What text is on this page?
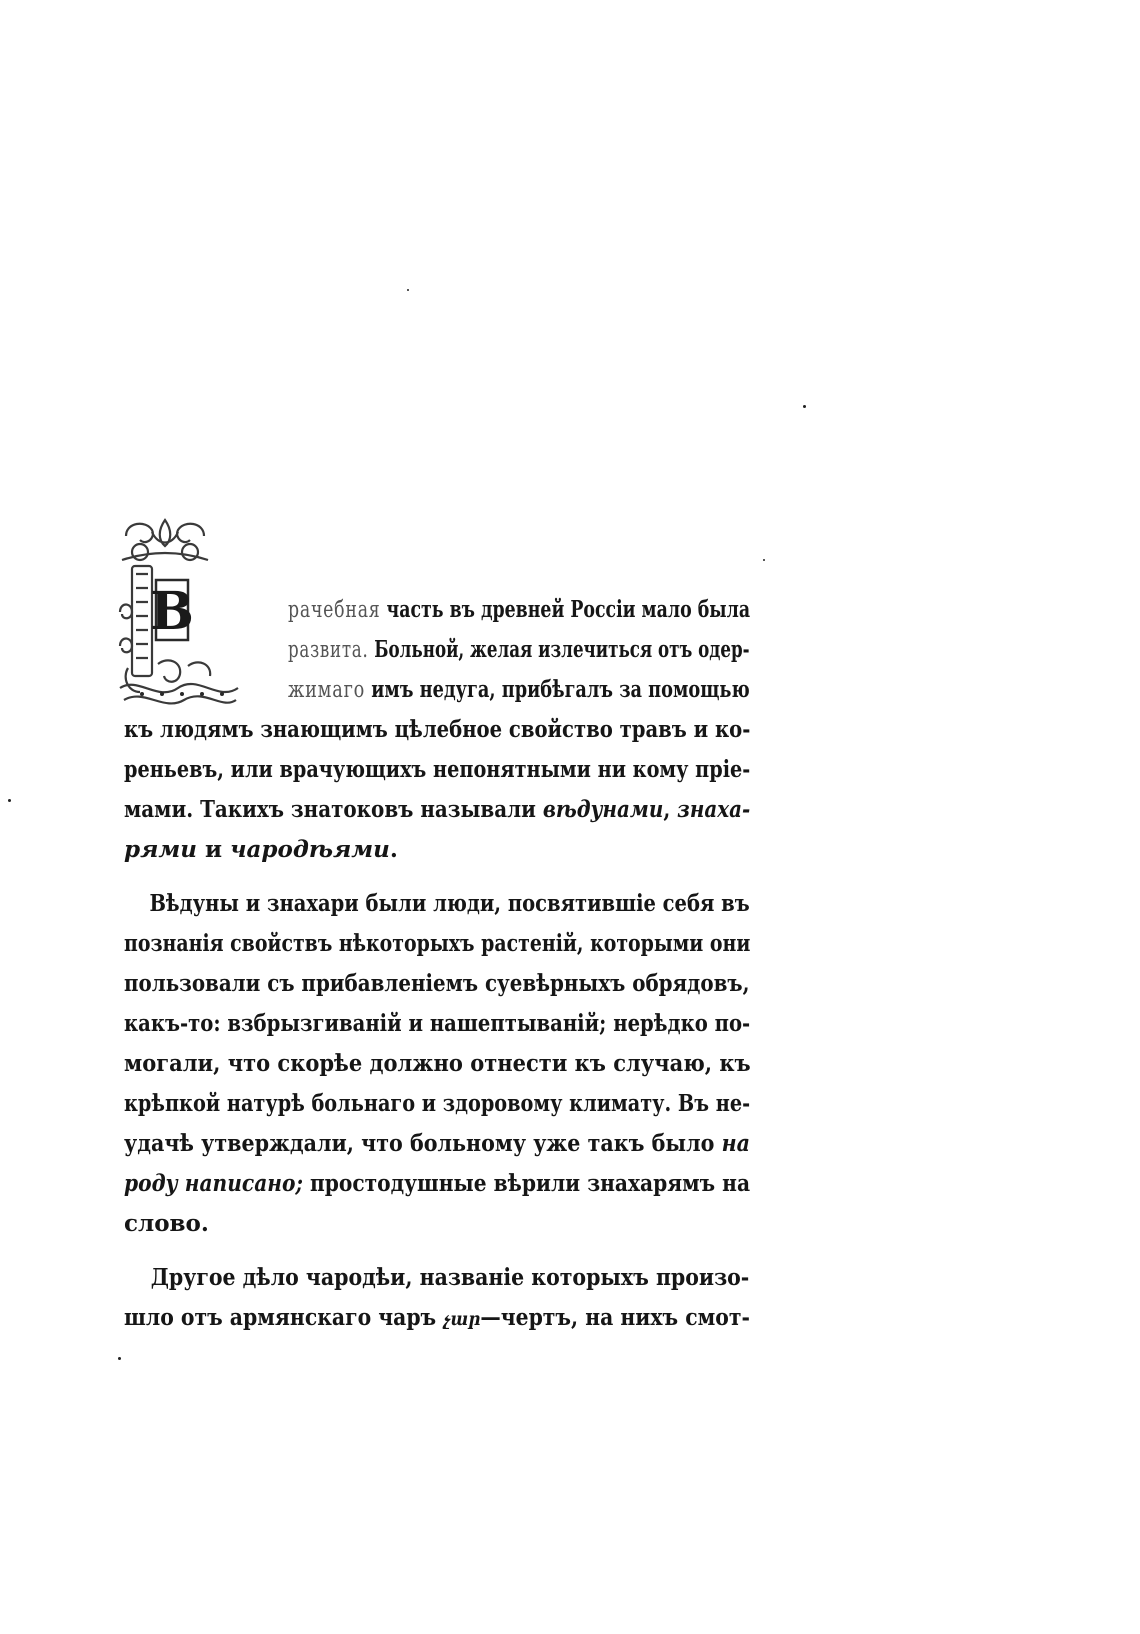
В	рачебная часть въ древней Россіи мало была
развита. Больной, желая излечиться отъ одер-
жимаго имъ недуга, прибѣгалъ за помощью
къ людямъ знающимъ цѣлебное свойство травъ и ко-
реньевъ, или врачующихъ непонятными ни кому прiе-
мами. Такихъ знатоковъ называли вѣдунами, знаха-
рями и чародѣями.
Вѣдуны и знахари были люди, посвятившіе себя въ
познанія свойствъ нѣкоторыхъ растеній, которыми они
пользовали съ прибавленіемъ суевѣрныхъ обрядовъ,
какъ-то: взбрызгиваній и нашептываній; нерѣдко по-
могали, что скорѣе должно отнести къ случаю, къ
крѣпкой натурѣ больнаго и здоровому климату. Въ не-
удачѣ утверждали, что больному уже такъ было на
роду написано; простодушные вѣрили знахарямъ на
слово.
Другое дѣло чародѣи, названіе которыхъ произо-
шло отъ армянскаго чаръ չար—чертъ, на нихъ смот-
